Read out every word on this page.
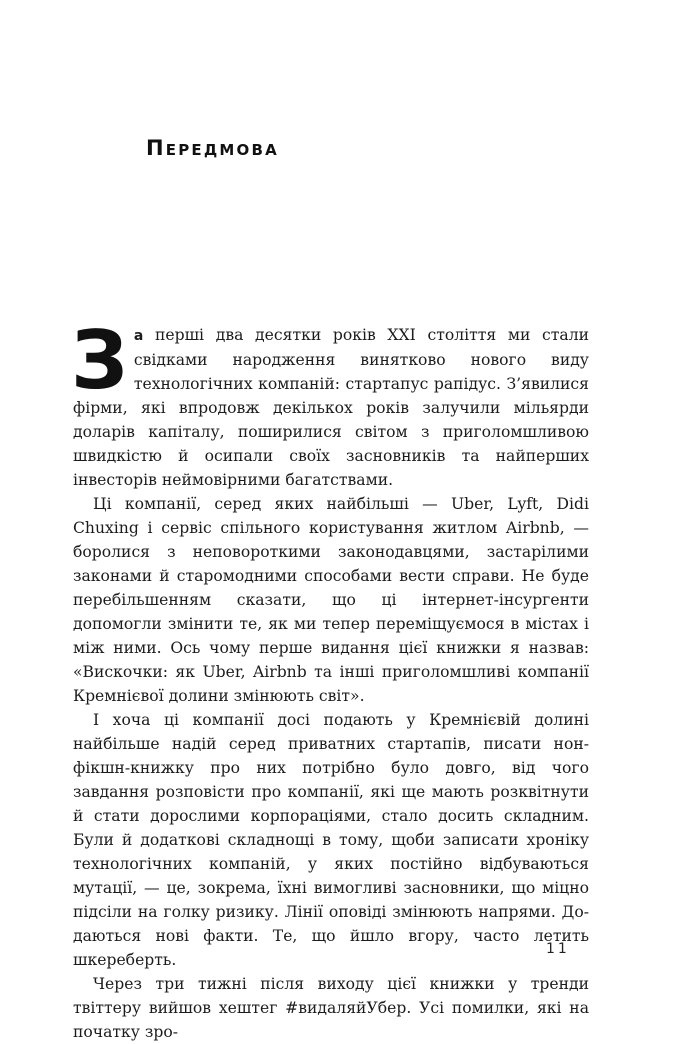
Передмова

За перші два десятки років XXI століття ми стали свідками народження винятково нового виду технологічних компаній: стартапус рапідус. З’явилися фірми, які впродовж декількох років залучили мільярди доларів капіталу, поширилися світом з приголомшливою швидкістю й осипали своїх засновників та найперших інвесторів неймовірними багатствами.

Ці компанії, серед яких найбільші — Uber, Lyft, Didi Chuxing і сервіс спільного користування житлом Airbnb, — боролися з неповороткими законодавцями, застарілими законами й старомодними способами вести справи. Не буде перебільшенням сказати, що ці інтернет-інсургенти допомогли змінити те, як ми тепер переміщуємося в містах і між ними. Ось чому перше видання цієї книжки я назвав: «Вискочки: як Uber, Airbnb та інші приголомшливі компанії Кремнієвої долини змінюють світ».

І хоча ці компанії досі подають у Кремнієвій долині найбільше надій серед приватних стартапів, писати нон-фікшн-книжку про них потрібно було довго, від чого завдання розповісти про компанії, які ще мають розквітнути й стати дорослими корпораціями, стало досить складним. Були й додаткові складнощі в тому, щоби записати хроніку технологічних компаній, у яких постійно відбуваються мутації, — це, зокрема, їхні вимогливі засновники, що міцно підсіли на голку ризику. Лінії оповіді змінюють напрями. Додаються нові факти. Те, що йшло вгору, часто летить шкереберть.

Через три тижні після виходу цієї книжки у тренди твіттеру вийшов хештег #видаляйУбер. Усі помилки, які на початку зро-

11
